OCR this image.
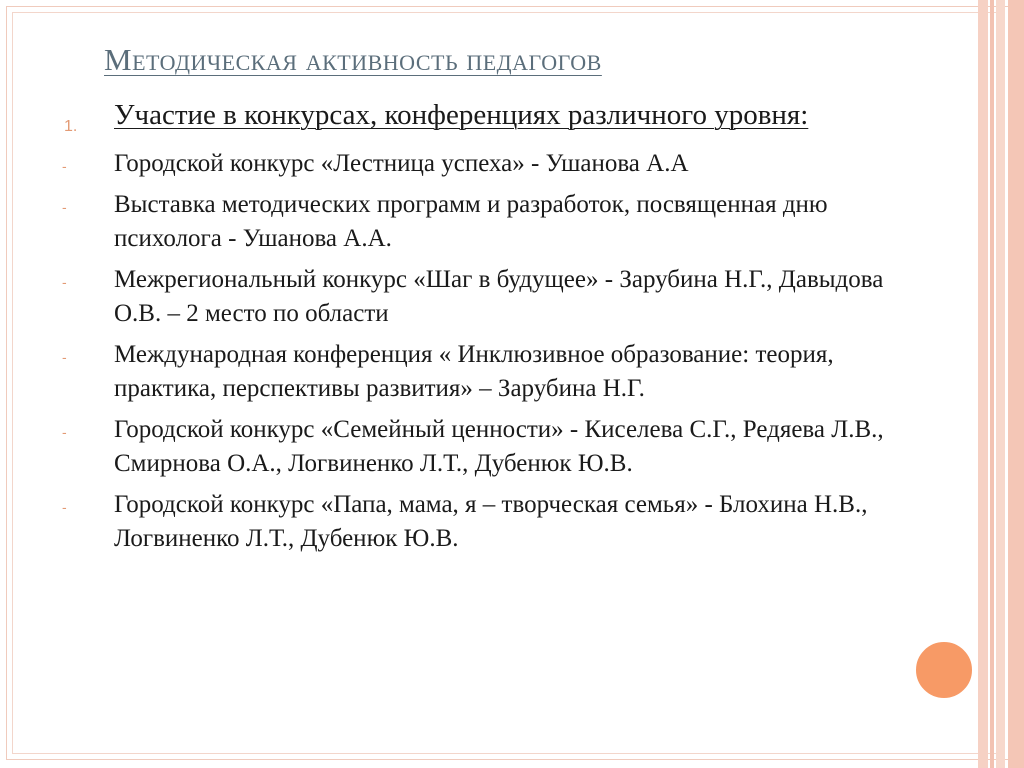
Методическая активность педагогов
1. Участие в конкурсах, конференциях различного уровня:
- Городской конкурс «Лестница успеха» - Ушанова А.А
- Выставка методических программ и разработок, посвященная дню психолога - Ушанова А.А.
- Межрегиональный конкурс «Шаг в будущее» - Зарубина Н.Г., Давыдова О.В. – 2 место по области
- Международная конференция « Инклюзивное образование: теория, практика, перспективы развития» – Зарубина Н.Г.
- Городской конкурс «Семейный ценности» - Киселева С.Г., Редяева Л.В., Смирнова О.А., Логвиненко Л.Т., Дубенюк Ю.В.
- Городской конкурс «Папа, мама, я – творческая семья» - Блохина Н.В., Логвиненко Л.Т., Дубенюк Ю.В.
